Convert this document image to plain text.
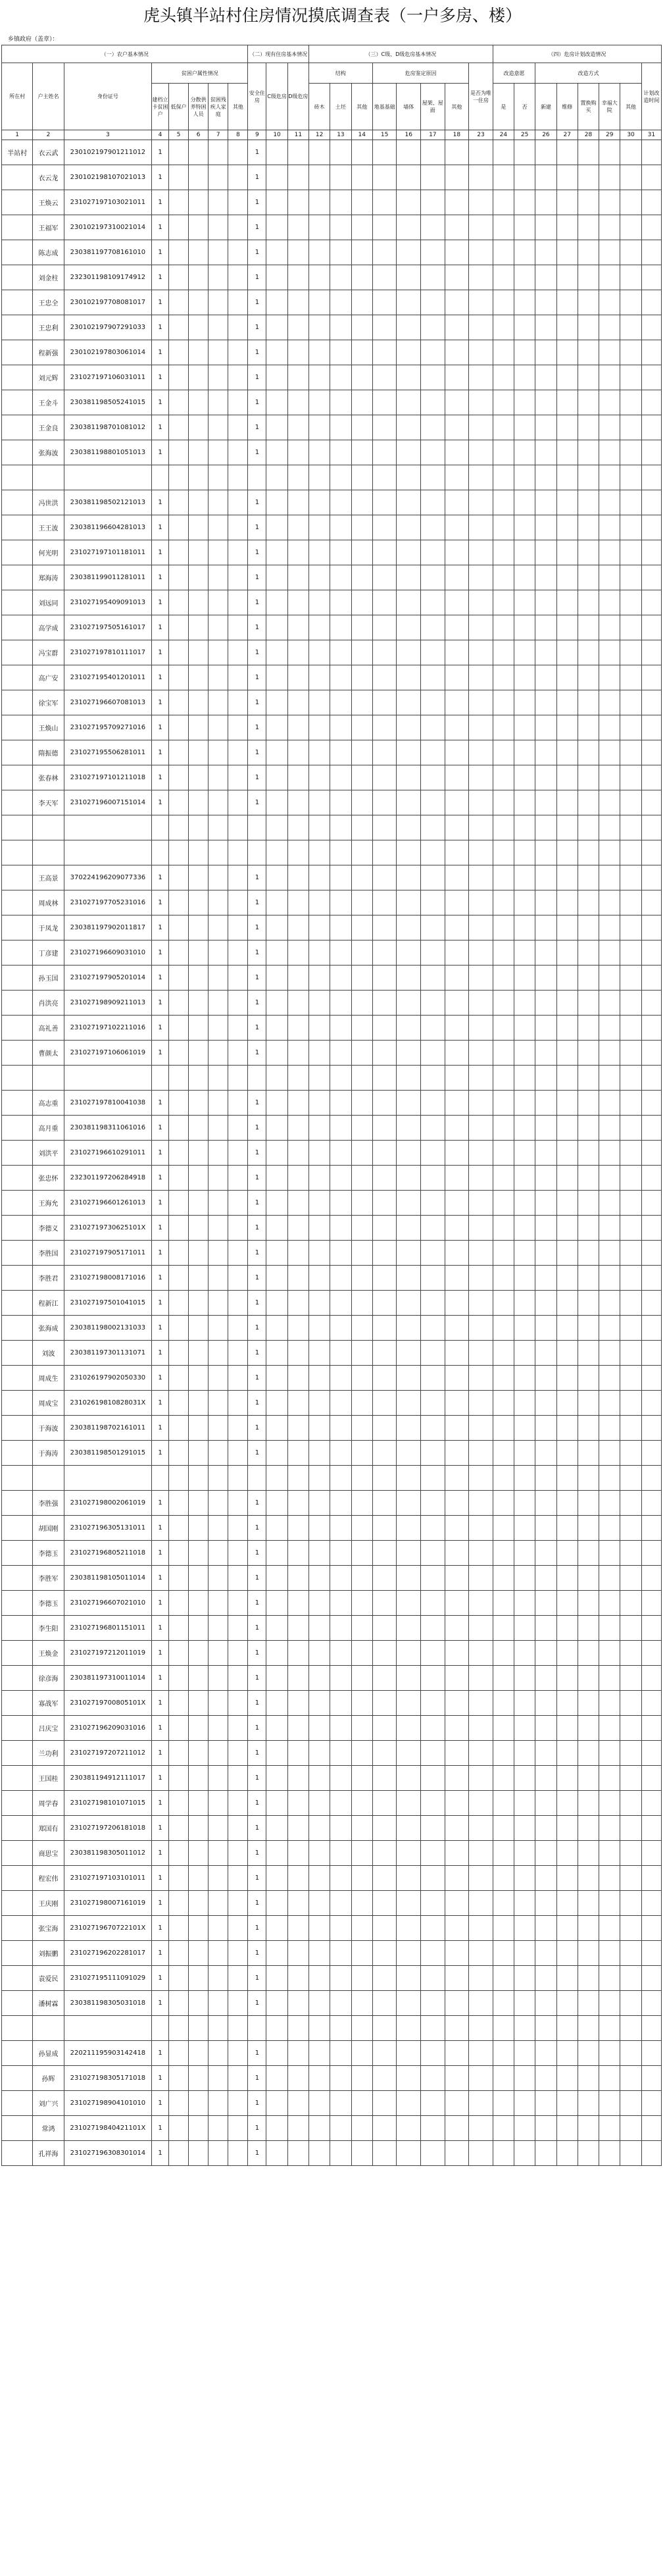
虎头镇半站村住房情况摸底调查表（一户多房、楼）
乡镇政府（盖章）：
（一）农户基本情况								（二）现有住房基本情况			（三）C级、D级危房基本情况								（四）危房计划改造情况							
所在村	户主姓名	身份证号	贫困户属性情况					安全住房	C级危房	D级危房	结构			危房鉴定原因				是否为唯一住房	改造意愿		改造方式					计划改造时间
			建档立卡贫困户	低保户	分散供养特困人员	贫困残疾人家庭	其他				砖木	土坯	其他	地基基础	墙体	屋架、屋面	其他		是	否	新建	维修	置换购买	幸福大院	其他	
1	2	3	4	5	6	7	8	9	10	11	12	13	14	15	16	17	18	23	24	25	26	27	28	29	30	31
半站村	衣云武	230102197901211012	1					1																		
	衣云龙	230102198107021013	1					1																		
	王焕云	231027197103021011	1					1																		
	王福军	230102197310021014	1					1																		
	陈志成	230381197708161010	1					1																		
	刘金柱	232301198109174912	1					1																		
	王忠全	230102197708081017	1					1																		
	王忠利	230102197907291033	1					1																		
	程新强	230102197803061014	1					1																		
	刘元辉	231027197106031011	1					1																		
	王金斗	230381198505241015	1					1																		
	王金良	230381198701081012	1					1																		
	张海波	230381198801051013	1					1																		

	冯世洪	230381198502121013	1					1																		
	王王波	230381196604281013	1					1																		
	何光明	231027197101181011	1					1																		
	郑海涛	230381199011281011	1					1																		
	刘远同	231027195409091013	1					1																		
	高学成	231027197505161017	1					1																		
	冯宝群	231027197810111017	1					1																		
	高广安	231027195401201011	1					1																		
	徐宝军	231027196607081013	1					1																		
	王焕山	231027195709271016	1					1																		
	隋振德	231027195506281011	1					1																		
	张春林	231027197101211018	1					1																		
	李天军	231027196007151014	1					1																		

	王高景	370224196209077336	1					1																		
	周成林	231027197705231016	1					1																		
	于凤龙	230381197902011817	1					1																		
	丁彦建	231027196609031010	1					1																		
	孙玉国	231027197905201014	1					1																		
	肖洪亮	231027198909211013	1					1																		
	高礼善	231027197102211016	1					1																		
	曹颜太	231027197106061019	1					1																		

	高志重	231027197810041038	1					1																		
	高月重	230381198311061016	1					1																		
	刘洪平	231027196610291011	1					1																		
	张忠怀	232301197206284918	1					1																		
	王海允	231027196601261013	1					1																		
	李德义	23102719730625101X	1					1																		
	李胜国	231027197905171011	1					1																		
	李胜君	231027198008171016	1					1																		
	程新江	231027197501041015	1					1																		
	张海成	230381198002131033	1					1																		
	刘波	230381197301131071	1					1																		
	周成生	231026197902050330	1					1																		
	周成宝	23102619810828031X	1					1																		
	于海波	230381198702161011	1					1																		
	于海涛	230381198501291015	1					1																		

	李胜强	231027198002061019	1					1																		
	胡国刚	231027196305131011	1					1																		
	李德玉	231027196805211018	1					1																		
	李胜军	230381198105011014	1					1																		
	李德玉	231027196607021010	1					1																		
	李生阳	231027196801151011	1					1																		
	王焕金	231027197212011019	1					1																		
	徐彦海	230381197310011014	1					1																		
	寡战军	23102719700805101X	1					1																		
	吕庆宝	231027196209031016	1					1																		
	兰功利	231027197207211012	1					1																		
	王国桂	230381194912111017	1					1																		
	周学春	231027198101071015	1					1																		
	郑国有	231027197206181018	1					1																		
	商思宝	230381198305011012	1					1																		
	程宏伟	231027197103101011	1					1																		
	王庆刚	231027198007161019	1					1																		
	张宝海	23102719670722101X	1					1																		
	刘振鹏	231027196202281017	1					1																		
	袁爱民	231027195111091029	1					1																		
	潘树霖	230381198305031018	1					1																		

	孙显成	220211195903142418	1					1																		
	孙辉	231027198305171018	1					1																		
	刘广兴	231027198904101010	1					1																		
	常鸿	23102719840421101X	1					1																		
	孔祥海	231027196308301014	1					1																		
